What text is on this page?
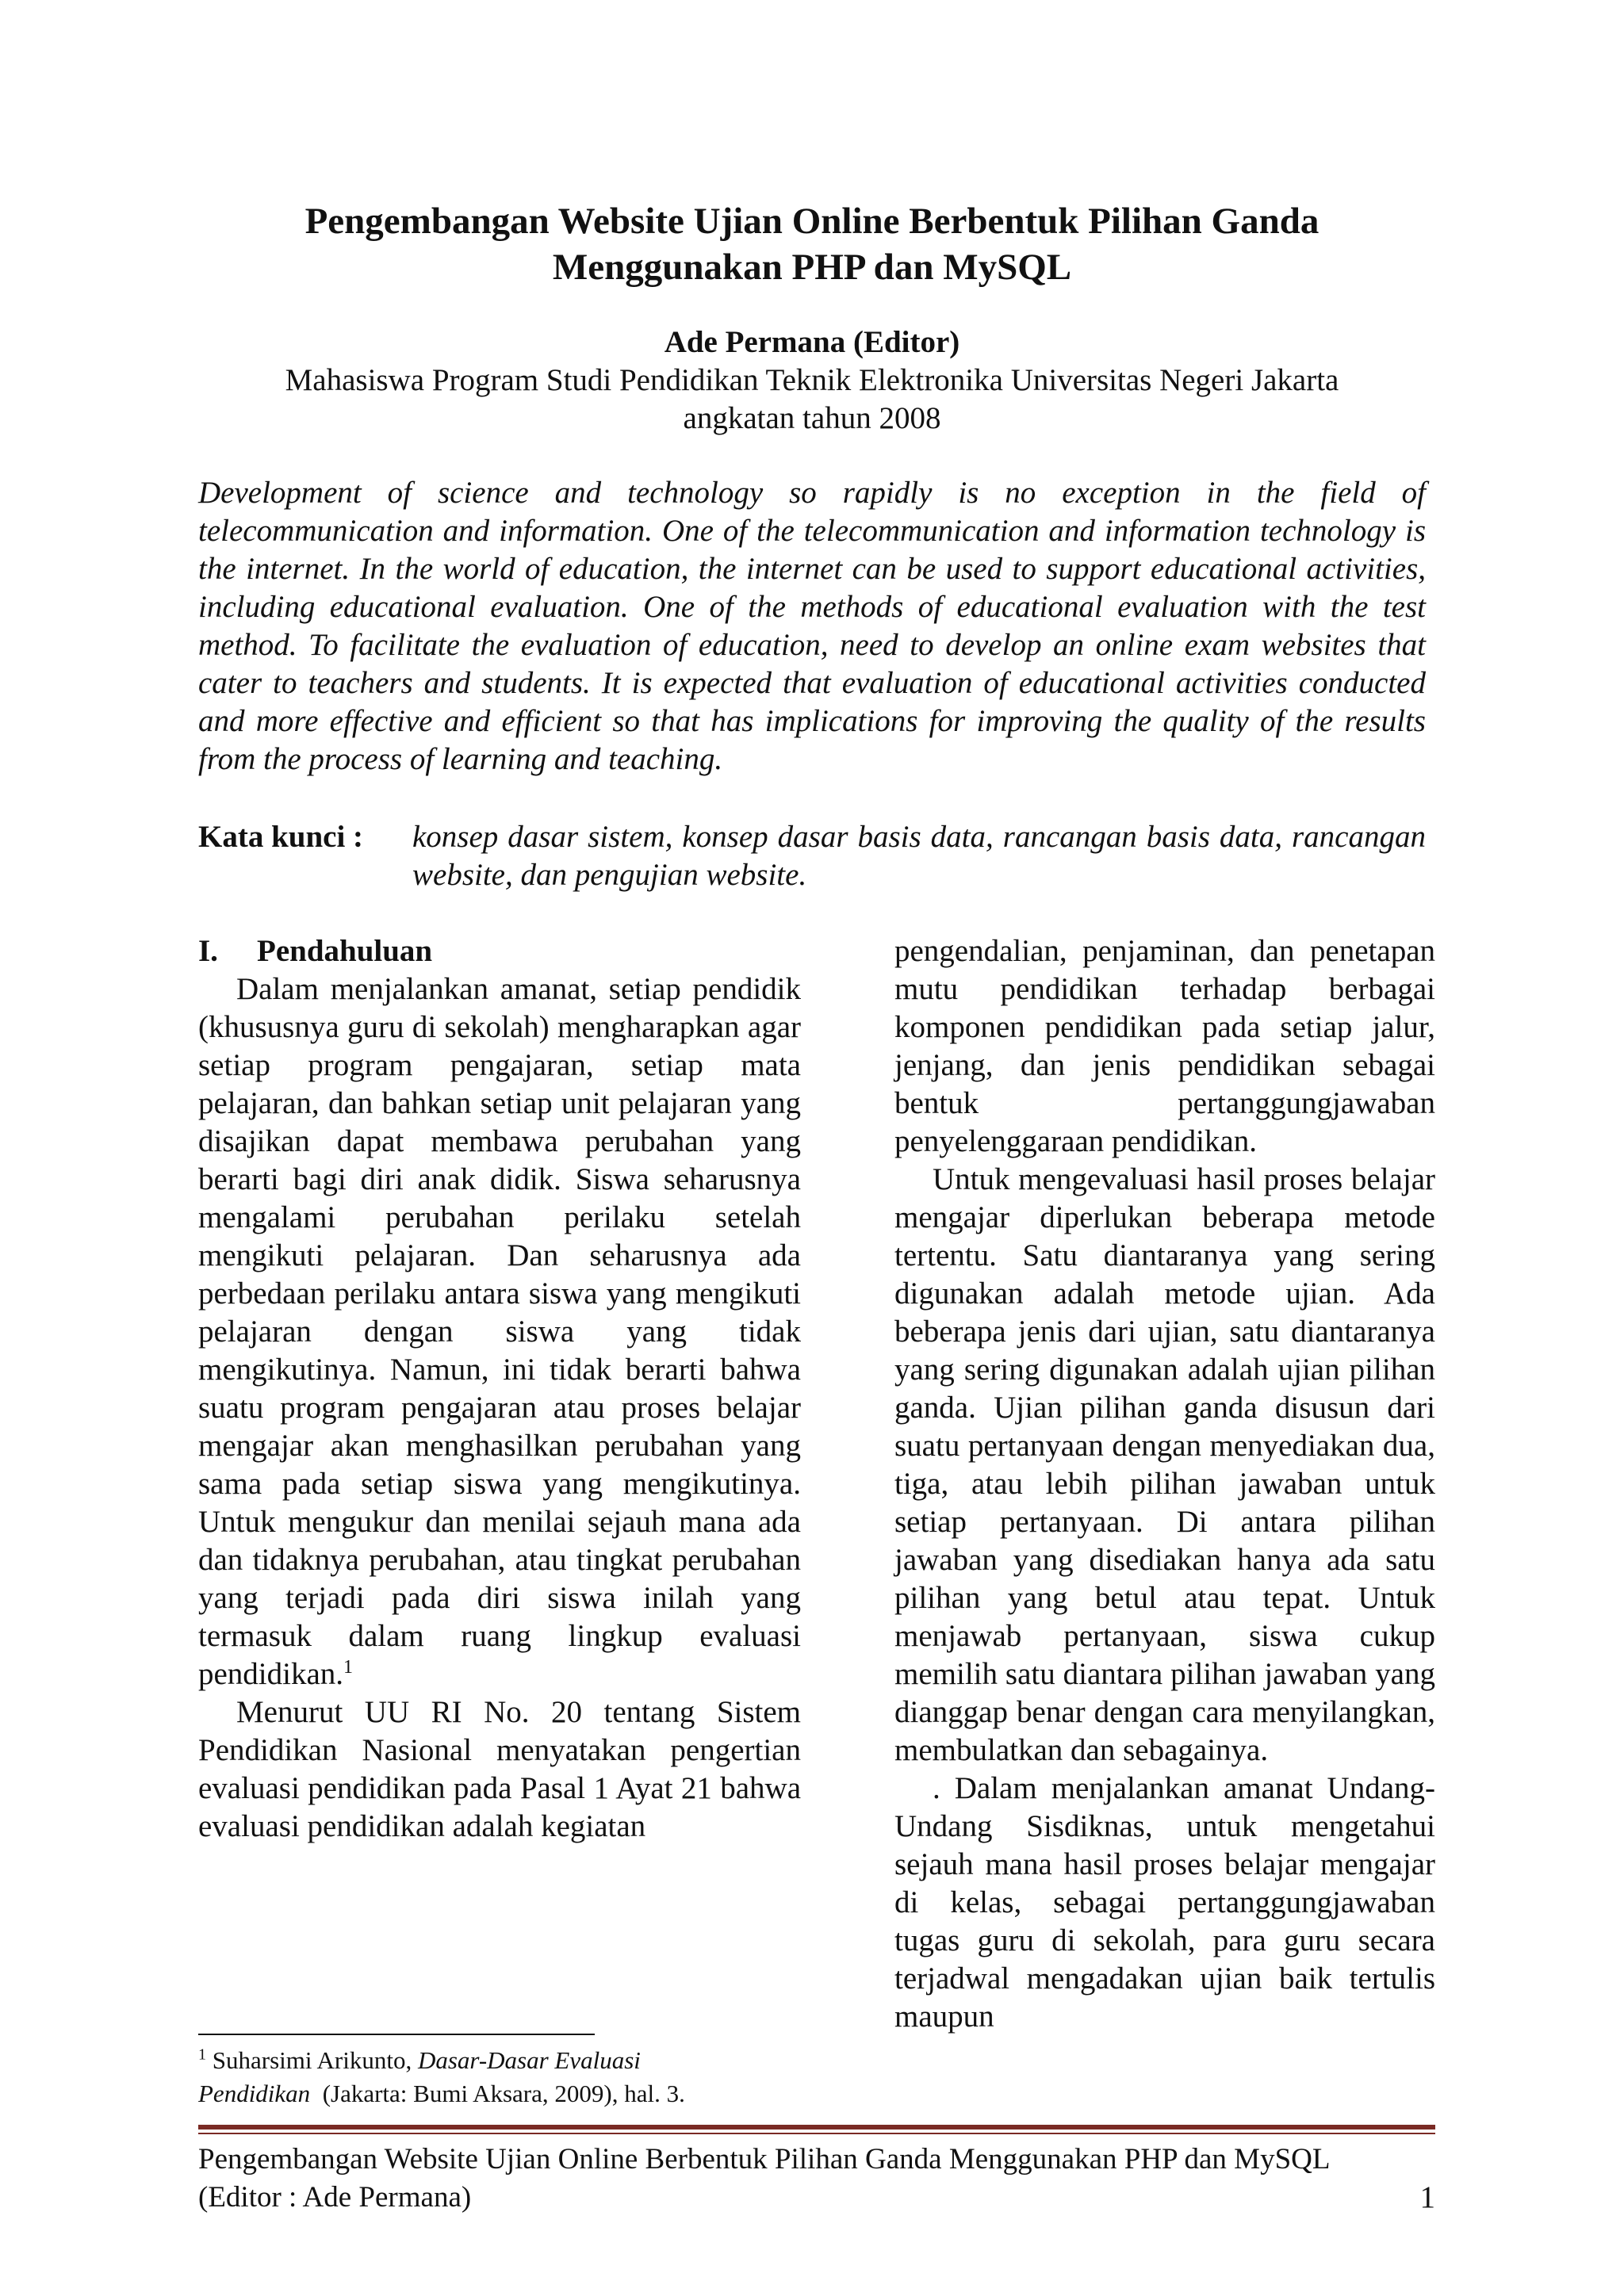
Pengembangan Website Ujian Online Berbentuk Pilihan Ganda
Menggunakan PHP dan MySQL
Ade Permana (Editor)
Mahasiswa Program Studi Pendidikan Teknik Elektronika Universitas Negeri Jakarta
angkatan tahun 2008

Development of science and technology so rapidly is no exception in the field of telecommunication and information. One of the telecommunication and information technology is the internet. In the world of education, the internet can be used to support educational activities, including educational evaluation. One of the methods of educational evaluation with the test method. To facilitate the evaluation of education, need to develop an online exam websites that cater to teachers and students. It is expected that evaluation of educational activities conducted and more effective and efficient so that has implications for improving the quality of the results from the process of learning and teaching.

Kata kunci :	konsep dasar sistem, konsep dasar basis data, rancangan basis data, rancangan website, dan pengujian website.
I.	Pendahuluan

Dalam menjalankan amanat, setiap pendidik (khususnya guru di sekolah) mengharapkan agar setiap program pengajaran, setiap mata pelajaran, dan bahkan setiap unit pelajaran yang disajikan dapat membawa perubahan yang berarti bagi diri anak didik. Siswa seharusnya mengalami perubahan perilaku setelah mengikuti pelajaran. Dan seharusnya ada perbedaan perilaku antara siswa yang mengikuti pelajaran dengan siswa yang tidak mengikutinya. Namun, ini tidak berarti bahwa suatu program pengajaran atau proses belajar mengajar akan menghasilkan perubahan yang sama pada setiap siswa yang mengikutinya. Untuk mengukur dan menilai sejauh mana ada dan tidaknya perubahan, atau tingkat perubahan yang terjadi pada diri siswa inilah yang termasuk dalam ruang lingkup evaluasi pendidikan.$^1$

Menurut UU RI No. 20 tentang Sistem Pendidikan Nasional menyatakan pengertian evaluasi pendidikan pada Pasal 1 Ayat 21 bahwa evaluasi pendidikan adalah kegiatan

pengendalian, penjaminan, dan penetapan mutu pendidikan terhadap berbagai komponen pendidikan pada setiap jalur, jenjang, dan jenis pendidikan sebagai bentuk pertanggungjawaban penyelenggaraan pendidikan.

Untuk mengevaluasi hasil proses belajar mengajar diperlukan beberapa metode tertentu. Satu diantaranya yang sering digunakan adalah metode ujian. Ada beberapa jenis dari ujian, satu diantaranya yang sering digunakan adalah ujian pilihan ganda. Ujian pilihan ganda disusun dari suatu pertanyaan dengan menyediakan dua, tiga, atau lebih pilihan jawaban untuk setiap pertanyaan. Di antara pilihan jawaban yang disediakan hanya ada satu pilihan yang betul atau tepat. Untuk menjawab pertanyaan, siswa cukup memilih satu diantara pilihan jawaban yang dianggap benar dengan cara menyilangkan, membulatkan dan sebagainya.

. Dalam menjalankan amanat Undang-Undang Sisdiknas, untuk mengetahui sejauh mana hasil proses belajar mengajar di kelas, sebagai pertanggungjawaban tugas guru di sekolah, para guru secara terjadwal mengadakan ujian baik tertulis maupun

$^1$ Suharsimi Arikunto, Dasar-Dasar Evaluasi
Pendidikan (Jakarta: Bumi Aksara, 2009), hal. 3.
Pengembangan Website Ujian Online Berbentuk Pilihan Ganda Menggunakan PHP dan MySQL
(Editor : Ade Permana)	1
